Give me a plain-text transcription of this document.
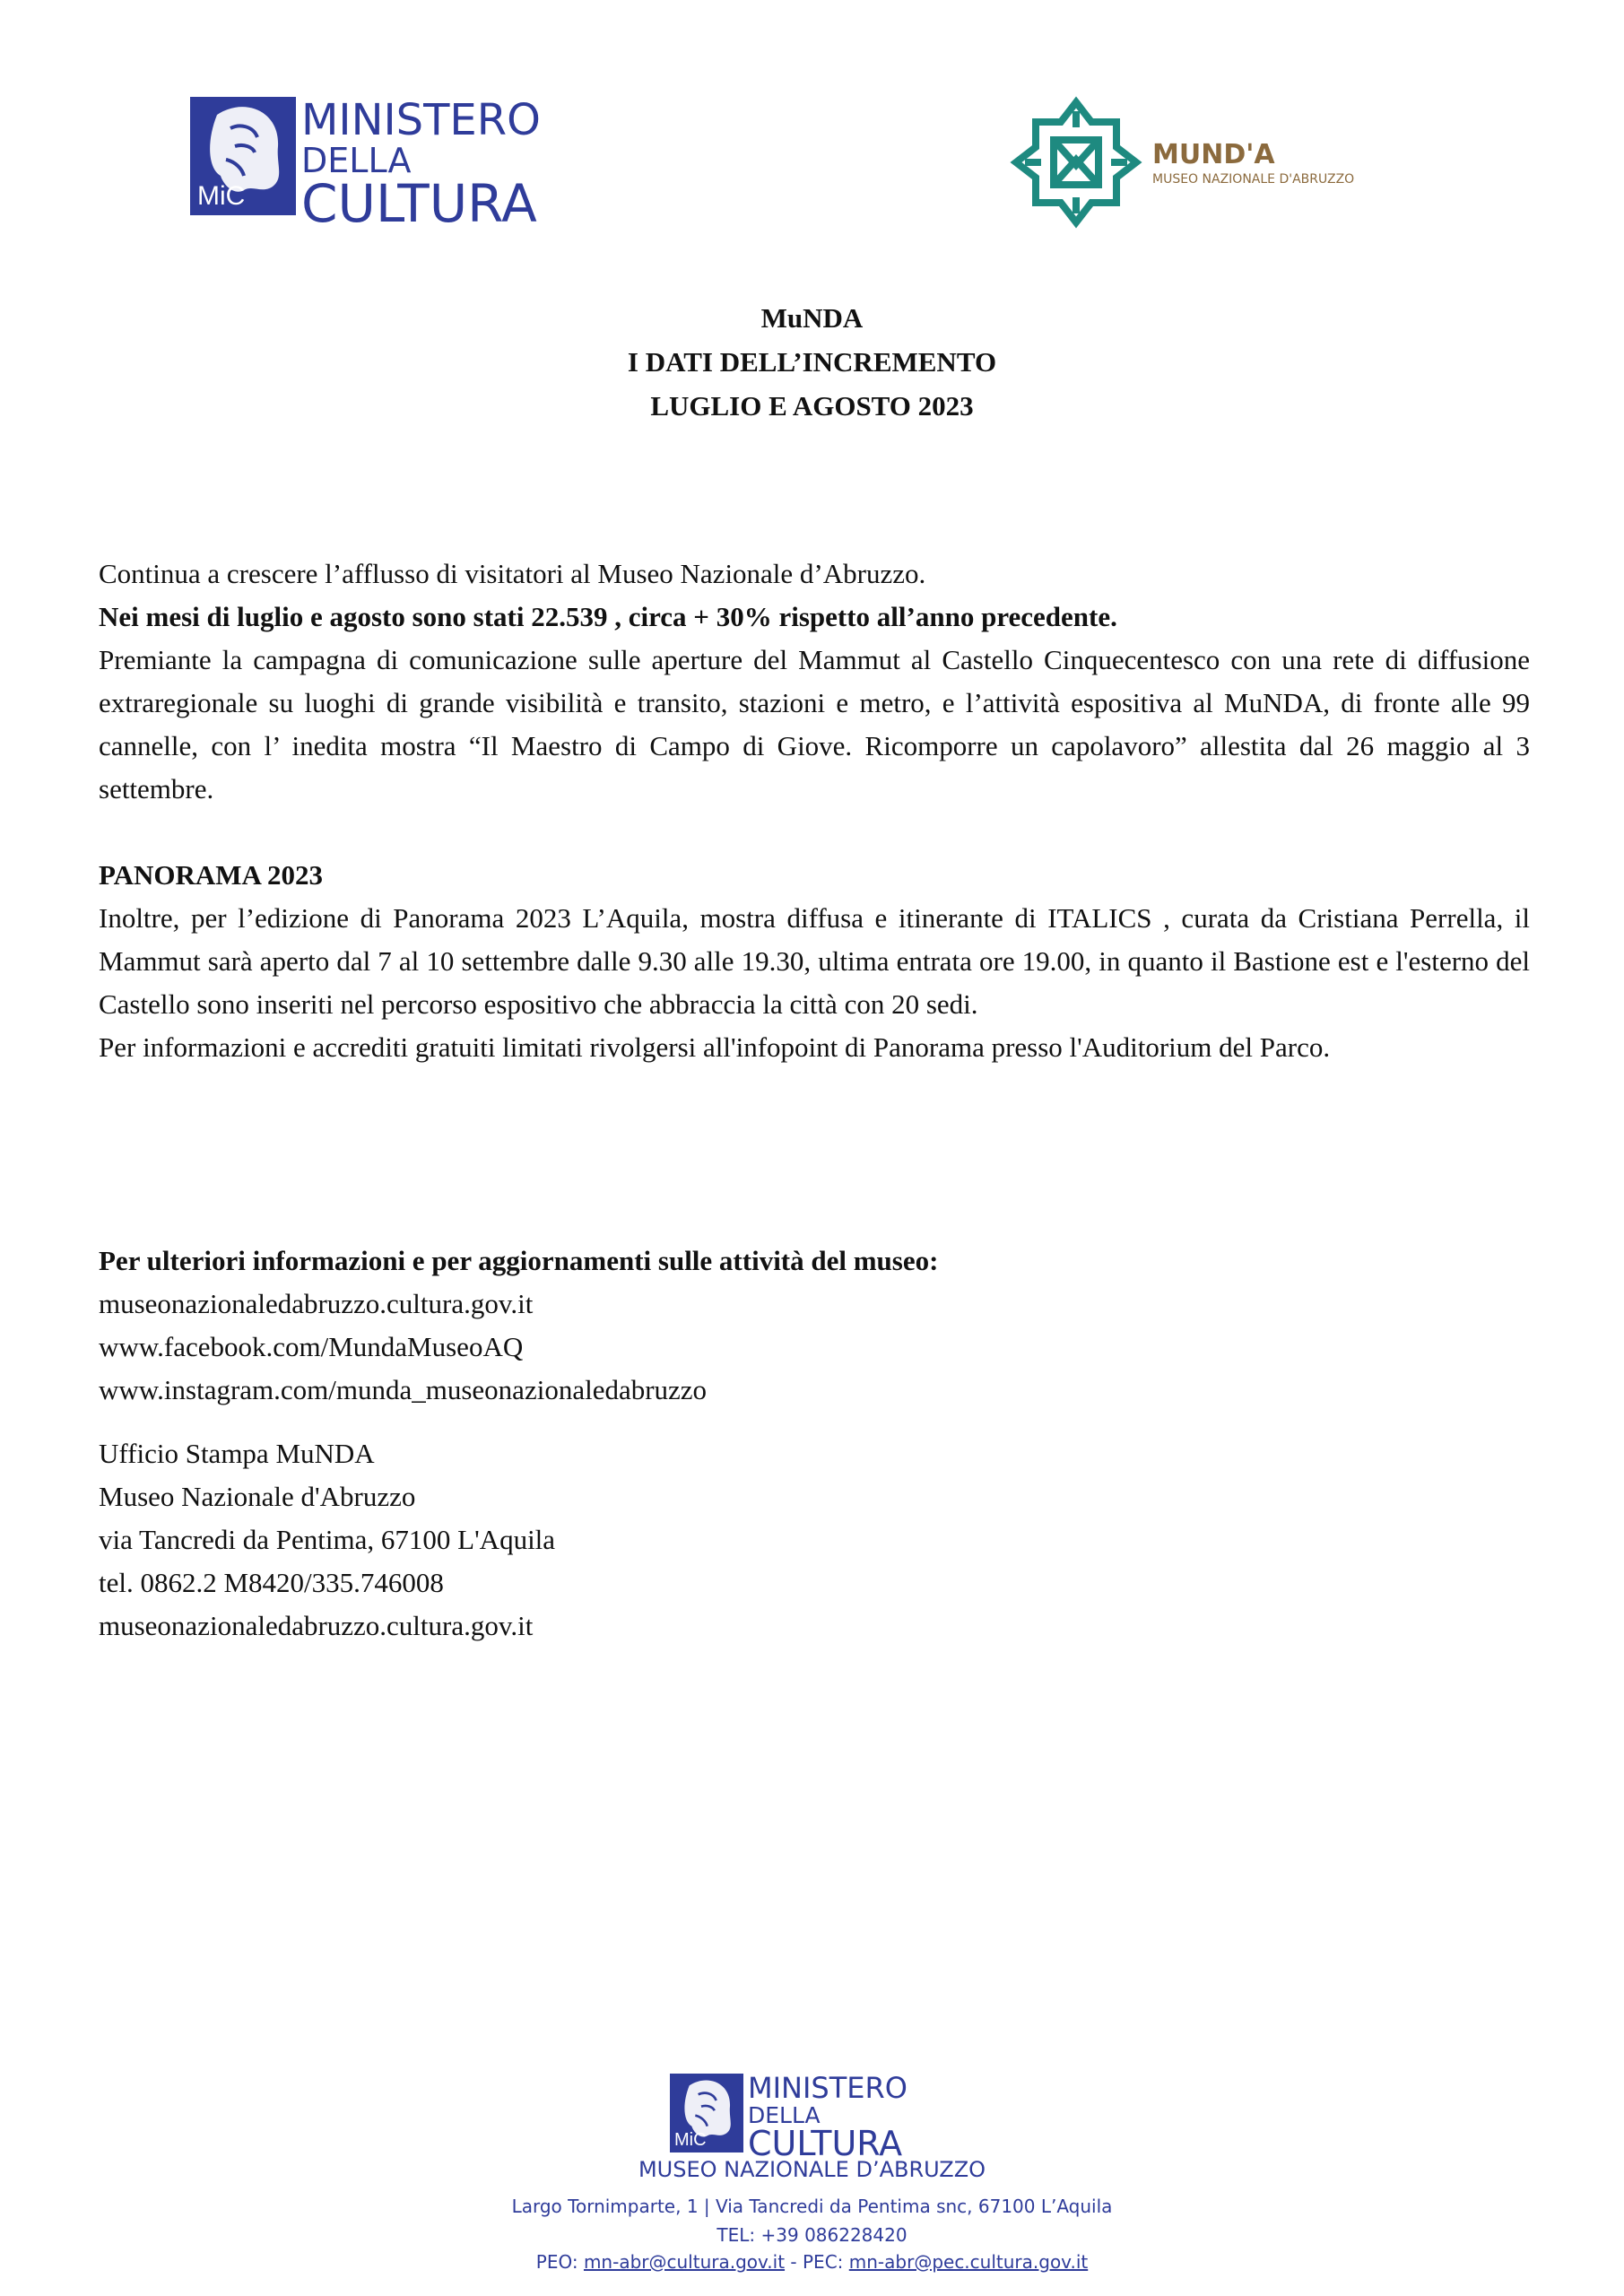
MiC
MINISTERO
DELLA
CULTURA
MUND'A
MUSEO NAZIONALE D'ABRUZZO

MuNDA

I DATI DELL’INCREMENTO

LUGLIO E AGOSTO 2023

Continua a crescere l’afflusso di visitatori al Museo Nazionale d’Abruzzo.

Nei mesi di luglio e agosto sono stati 22.539 , circa + 30% rispetto all’anno precedente.

Premiante la campagna di comunicazione sulle aperture del Mammut al Castello Cinquecentesco con una rete di diffusione extraregionale su luoghi di grande visibilità e transito, stazioni e metro, e l’attività espositiva al MuNDA, di fronte alle 99 cannelle, con l’ inedita mostra “Il Maestro di Campo di Giove. Ricomporre un capolavoro” allestita dal 26 maggio al 3 settembre.

PANORAMA 2023

Inoltre, per l’edizione di Panorama 2023 L’Aquila, mostra diffusa e itinerante di ITALICS , curata da Cristiana Perrella, il Mammut sarà aperto dal 7 al 10 settembre dalle 9.30 alle 19.30, ultima entrata ore 19.00, in quanto il Bastione est e l'esterno del Castello sono inseriti nel percorso espositivo che abbraccia la città con 20 sedi.

Per informazioni e accrediti gratuiti limitati rivolgersi all'infopoint di Panorama presso l'Auditorium del Parco.

Per ulteriori informazioni e per aggiornamenti sulle attività del museo:

museonazionaledabruzzo.cultura.gov.it

www.facebook.com/MundaMuseoAQ

www.instagram.com/munda_museonazionaledabruzzo

Ufficio Stampa MuNDA

Museo Nazionale d'Abruzzo

via Tancredi da Pentima, 67100 L'Aquila

tel. 0862.2 M8420/335.746008

museonazionaledabruzzo.cultura.gov.it

MiC
MINISTERO
DELLA
CULTURA
MUSEO NAZIONALE D’ABRUZZO
Largo Tornimparte, 1 | Via Tancredi da Pentima snc, 67100 L’Aquila
TEL: +39 086228420
PEO: mn-abr@cultura.gov.it - PEC: mn-abr@pec.cultura.gov.it
